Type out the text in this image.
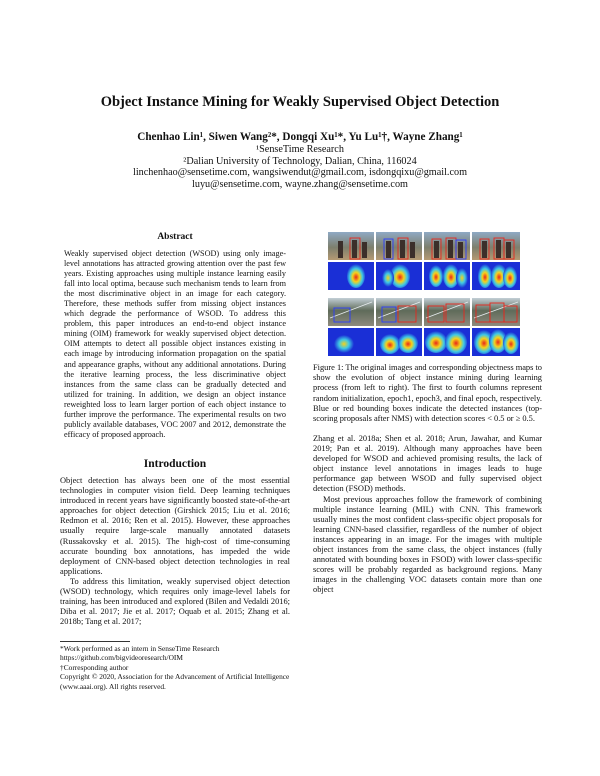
Object Instance Mining for Weakly Supervised Object Detection
Chenhao Lin¹, Siwen Wang²*, Dongqi Xu¹*, Yu Lu¹†, Wayne Zhang¹
¹SenseTime Research
²Dalian University of Technology, Dalian, China, 116024
linchenhao@sensetime.com, wangsiwendut@gmail.com, isdongqixu@gmail.com
luyu@sensetime.com, wayne.zhang@sensetime.com
Abstract
Weakly supervised object detection (WSOD) using only image-level annotations has attracted growing attention over the past few years. Existing approaches using multiple instance learning easily fall into local optima, because such mechanism tends to learn from the most discriminative object in an image for each category. Therefore, these methods suffer from missing object instances which degrade the performance of WSOD. To address this problem, this paper introduces an end-to-end object instance mining (OIM) framework for weakly supervised object detection. OIM attempts to detect all possible object instances existing in each image by introducing information propagation on the spatial and appearance graphs, without any additional annotations. During the iterative learning process, the less discriminative object instances from the same class can be gradually detected and utilized for training. In addition, we design an object instance reweighted loss to learn larger portion of each object instance to further improve the performance. The experimental results on two publicly available databases, VOC 2007 and 2012, demonstrate the efficacy of proposed approach.
Introduction

Object detection has always been one of the most essential technologies in computer vision field. Deep learning techniques introduced in recent years have significantly boosted state-of-the-art approaches for object detection (Girshick 2015; Liu et al. 2016; Redmon et al. 2016; Ren et al. 2015). However, these approaches usually require large-scale manually annotated datasets (Russakovsky et al. 2015). The high-cost of time-consuming accurate bounding box annotations, has impeded the wide deployment of CNN-based object detection technologies in real applications.

To address this limitation, weakly supervised object detection (WSOD) technology, which requires only image-level labels for training, has been introduced and explored (Bilen and Vedaldi 2016; Diba et al. 2017; Jie et al. 2017; Oquab et al. 2015; Zhang et al. 2018b; Tang et al. 2017;

*Work performed as an intern in SenseTime Research
https://github.com/bigvideoresearch/OIM
†Corresponding author
Copyright © 2020, Association for the Advancement of Artificial Intelligence (www.aaai.org). All rights reserved.
Figure 1: The original images and corresponding objectness maps to show the evolution of object instance mining during learning process (from left to right). The first to fourth columns represent random initialization, epoch1, epoch3, and final epoch, respectively. Blue or red bounding boxes indicate the detected instances (top-scoring proposals after NMS) with detection scores < 0.5 or ≥ 0.5.

Zhang et al. 2018a; Shen et al. 2018; Arun, Jawahar, and Kumar 2019; Pan et al. 2019). Although many approaches have been developed for WSOD and achieved promising results, the lack of object instance level annotations in images leads to huge performance gap between WSOD and fully supervised object detection (FSOD) methods.

Most previous approaches follow the framework of combining multiple instance learning (MIL) with CNN. This framework usually mines the most confident class-specific object proposals for learning CNN-based classifier, regardless of the number of object instances appearing in an image. For the images with multiple object instances from the same class, the object instances (fully annotated with bounding boxes in FSOD) with lower class-specific scores will be probably regarded as background regions. Many images in the challenging VOC datasets contain more than one object
